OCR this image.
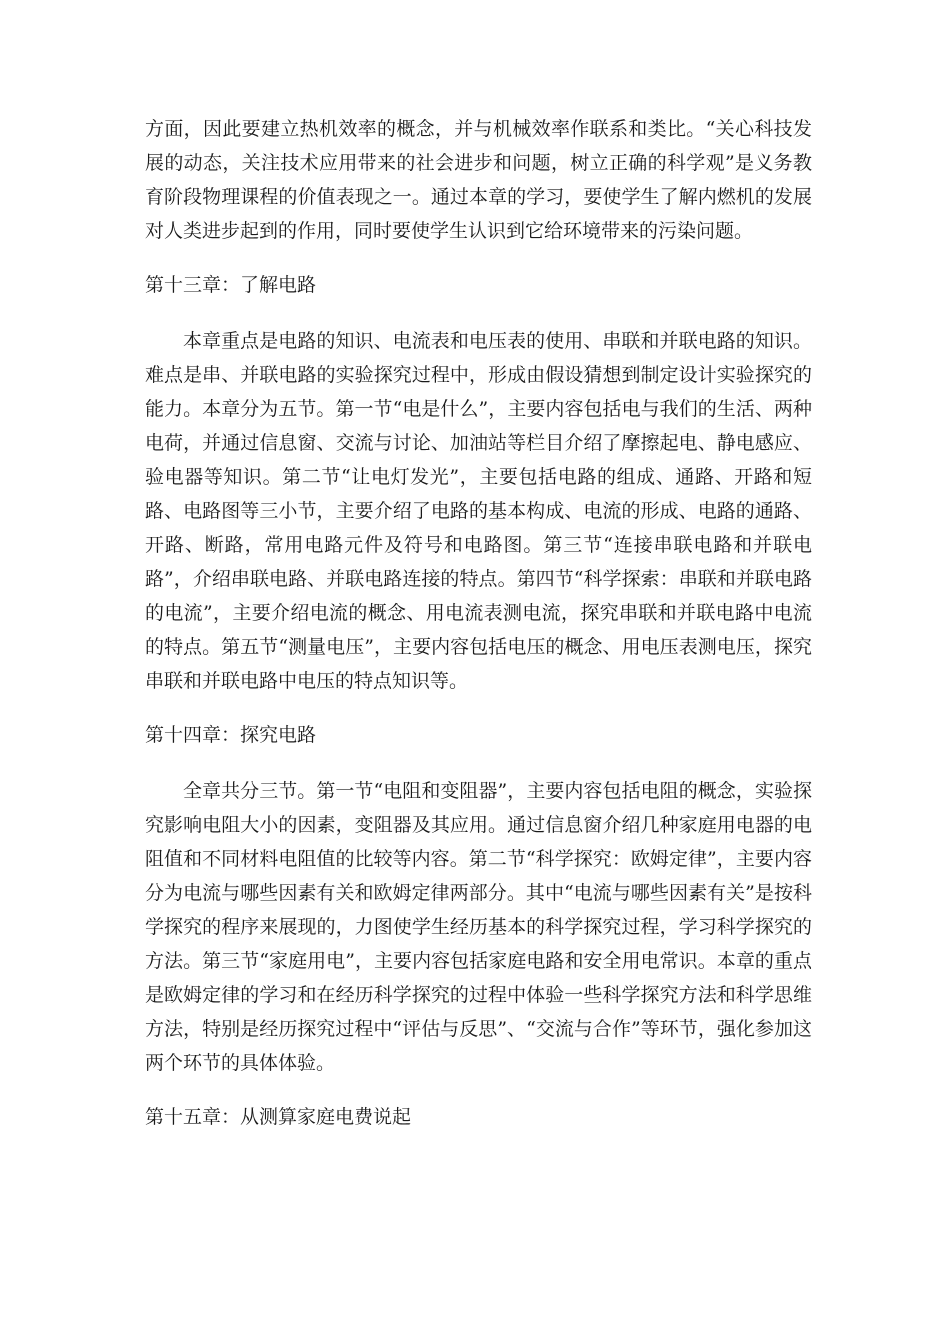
方面，因此要建立热机效率的概念，并与机械效率作联系和类比。“关心科技发展的动态，关注技术应用带来的社会进步和问题，树立正确的科学观”是义务教育阶段物理课程的价值表现之一。通过本章的学习，要使学生了解内燃机的发展对人类进步起到的作用，同时要使学生认识到它给环境带来的污染问题。

第十三章：了解电路

本章重点是电路的知识、电流表和电压表的使用、串联和并联电路的知识。难点是串、并联电路的实验探究过程中，形成由假设猜想到制定设计实验探究的能力。本章分为五节。第一节“电是什么”，主要内容包括电与我们的生活、两种电荷，并通过信息窗、交流与讨论、加油站等栏目介绍了摩擦起电、静电感应、验电器等知识。第二节“让电灯发光”，主要包括电路的组成、通路、开路和短路、电路图等三小节，主要介绍了电路的基本构成、电流的形成、电路的通路、开路、断路，常用电路元件及符号和电路图。第三节“连接串联电路和并联电路”，介绍串联电路、并联电路连接的特点。第四节“科学探索：串联和并联电路的电流”，主要介绍电流的概念、用电流表测电流，探究串联和并联电路中电流的特点。第五节“测量电压”，主要内容包括电压的概念、用电压表测电压，探究串联和并联电路中电压的特点知识等。

第十四章：探究电路

全章共分三节。第一节“电阻和变阻器”，主要内容包括电阻的概念，实验探究影响电阻大小的因素，变阻器及其应用。通过信息窗介绍几种家庭用电器的电阻值和不同材料电阻值的比较等内容。第二节“科学探究：欧姆定律”，主要内容分为电流与哪些因素有关和欧姆定律两部分。其中“电流与哪些因素有关”是按科学探究的程序来展现的，力图使学生经历基本的科学探究过程，学习科学探究的方法。第三节“家庭用电”，主要内容包括家庭电路和安全用电常识。本章的重点是欧姆定律的学习和在经历科学探究的过程中体验一些科学探究方法和科学思维方法，特别是经历探究过程中“评估与反思”、“交流与合作”等环节，强化参加这两个环节的具体体验。

第十五章：从测算家庭电费说起
